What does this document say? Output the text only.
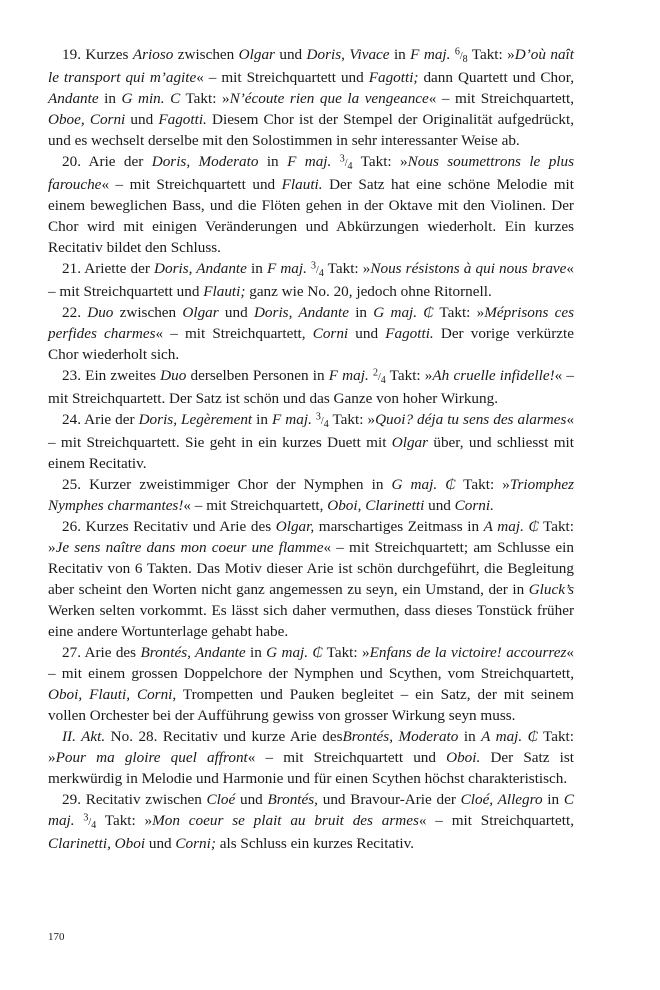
19. Kurzes Arioso zwischen Olgar und Doris, Vivace in F maj. 6/8 Takt: »D’où naît le transport qui m’agite« – mit Streichquartett und Fagotti; dann Quartett und Chor, Andante in G min. C Takt: »N’écoute rien que la vengeance« – mit Streichquartett, Oboe, Corni und Fagotti. Diesem Chor ist der Stempel der Originalität aufgedrückt, und es wechselt derselbe mit den Solostimmen in sehr interessanter Weise ab.

20. Arie der Doris, Moderato in F maj. 3/4 Takt: »Nous soumettrons le plus farouche« – mit Streichquartett und Flauti. Der Satz hat eine schöne Melodie mit einem beweglichen Bass, und die Flöten gehen in der Oktave mit den Violinen. Der Chor wird mit einigen Veränderungen und Abkürzungen wiederholt. Ein kurzes Recitativ bildet den Schluss.

21. Ariette der Doris, Andante in F maj. 3/4 Takt: »Nous résistons à qui nous brave« – mit Streichquartett und Flauti; ganz wie No. 20, jedoch ohne Ritornell.

22. Duo zwischen Olgar und Doris, Andante in G maj. ₵ Takt: »Méprisons ces perfides charmes« – mit Streichquartett, Corni und Fagotti. Der vorige verkürzte Chor wiederholt sich.

23. Ein zweites Duo derselben Personen in F maj. 2/4 Takt: »Ah cruelle infidelle!« – mit Streichquartett. Der Satz ist schön und das Ganze von hoher Wirkung.

24. Arie der Doris, Legèrement in F maj. 3/4 Takt: »Quoi? déja tu sens des alarmes« – mit Streichquartett. Sie geht in ein kurzes Duett mit Olgar über, und schliesst mit einem Recitativ.

25. Kurzer zweistimmiger Chor der Nymphen in G maj. ₵ Takt: »Triomphez Nymphes charmantes!« – mit Streichquartett, Oboi, Clarinetti und Corni.

26. Kurzes Recitativ und Arie des Olgar, marschartiges Zeitmass in A maj. ₵ Takt: »Je sens naître dans mon coeur une flamme« – mit Streichquartett; am Schlusse ein Recitativ von 6 Takten. Das Motiv dieser Arie ist schön durchgeführt, die Begleitung aber scheint den Worten nicht ganz angemessen zu seyn, ein Umstand, der in Gluck’s Werken selten vorkommt. Es lässt sich daher vermuthen, dass dieses Tonstück früher eine andere Wortunterlage gehabt habe.

27. Arie des Brontés, Andante in G maj. ₵ Takt: »Enfans de la victoire! accourrez« – mit einem grossen Doppelchore der Nymphen und Scythen, vom Streichquartett, Oboi, Flauti, Corni, Trompetten und Pauken begleitet – ein Satz, der mit seinem vollen Orchester bei der Aufführung gewiss von grosser Wirkung seyn muss.

II. Akt. No. 28. Recitativ und kurze Arie desBrontés, Moderato in A maj. ₵ Takt: »Pour ma gloire quel affront« – mit Streichquartett und Oboi. Der Satz ist merkwürdig in Melodie und Harmonie und für einen Scythen höchst charakteristisch.

29. Recitativ zwischen Cloé und Brontés, und Bravour-Arie der Cloé, Allegro in C maj. 3/4 Takt: »Mon coeur se plait au bruit des armes« – mit Streichquartett, Clarinetti, Oboi und Corni; als Schluss ein kurzes Recitativ.

170
